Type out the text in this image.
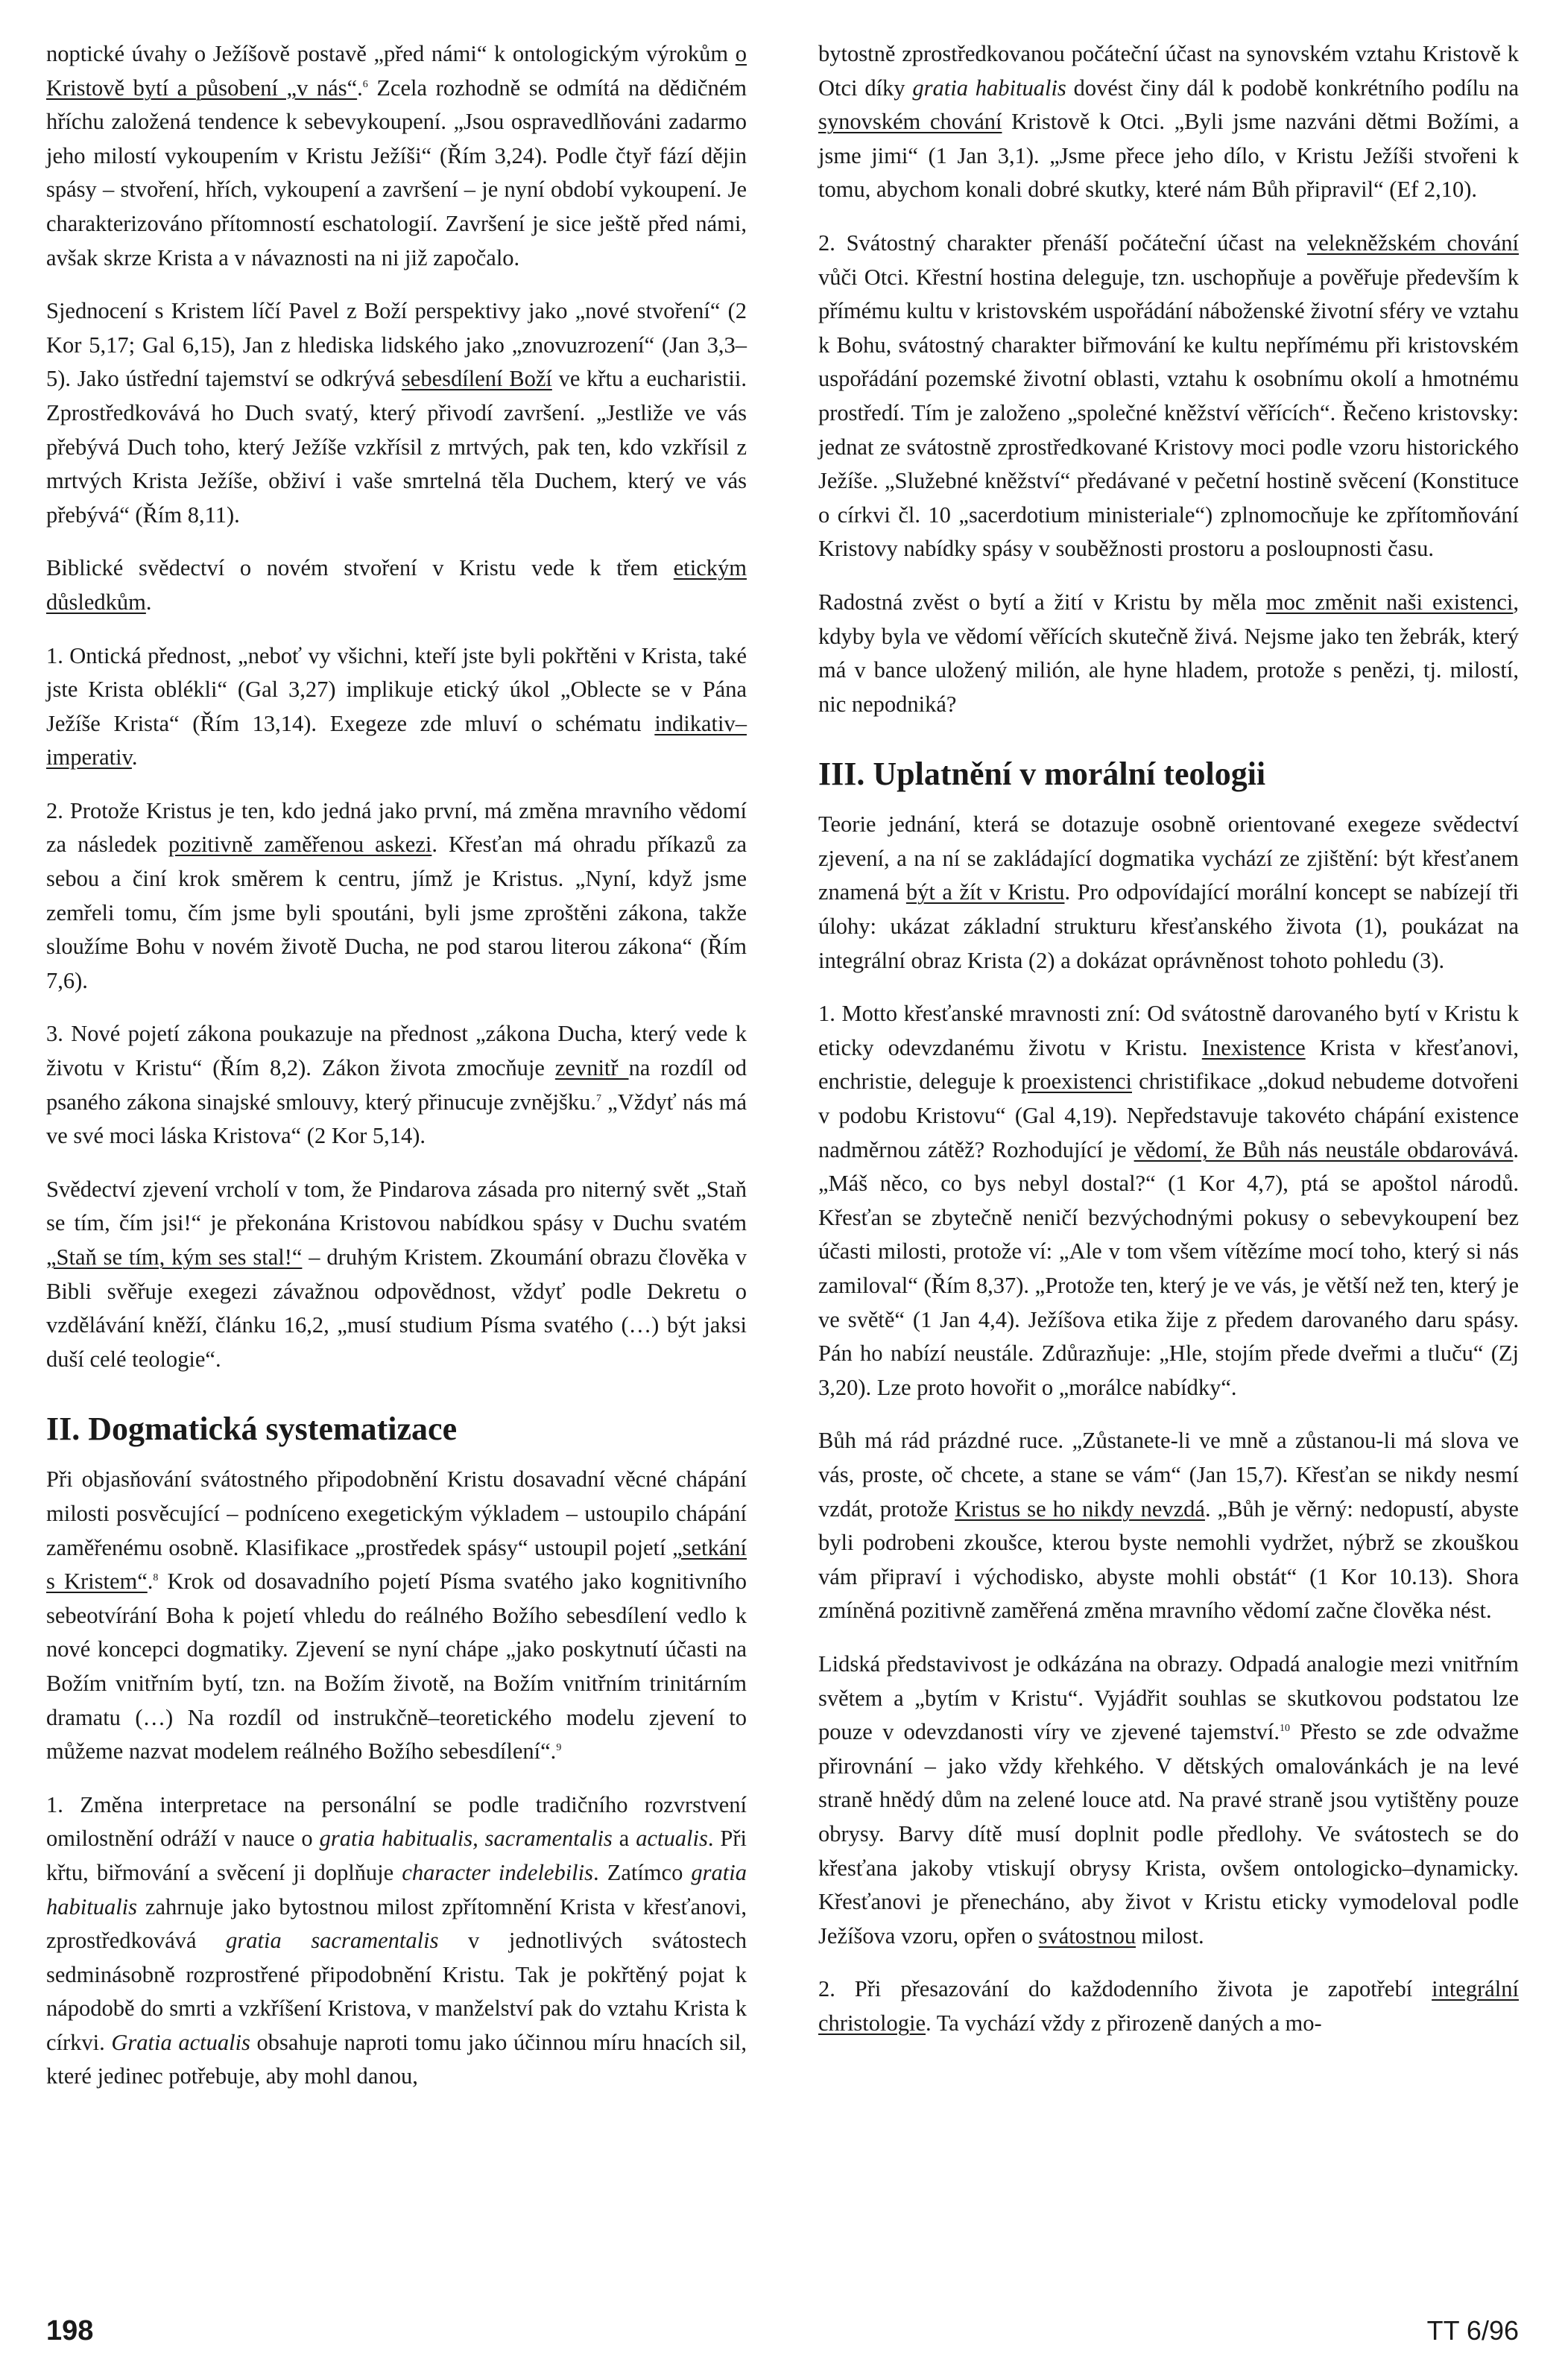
noptické úvahy o Ježíšově postavě „před námi“ k ontologickým výrokům o Kristově bytí a působení „v nás“.$^6$ Zcela rozhodně se odmítá na dědičném hříchu založená tendence k sebevykoupení. „Jsou ospravedlňováni zadarmo jeho milostí vykoupením v Kristu Ježíši“ (Řím 3,24). Podle čtyř fází dějin spásy – stvoření, hřích, vykoupení a završení – je nyní období vykoupení. Je charakterizováno přítomností eschatologií. Završení je sice ještě před námi, avšak skrze Krista a v návaznosti na ni již započalo.

Sjednocení s Kristem líčí Pavel z Boží perspektivy jako „nové stvoření“ (2 Kor 5,17; Gal 6,15), Jan z hlediska lidského jako „znovuzrození“ (Jan 3,3–5). Jako ústřední tajemství se odkrývá sebesdílení Boží ve křtu a eucharistii. Zprostředkovává ho Duch svatý, který přivodí završení. „Jestliže ve vás přebývá Duch toho, který Ježíše vzkřísil z mrtvých, pak ten, kdo vzkřísil z mrtvých Krista Ježíše, obživí i vaše smrtelná těla Duchem, který ve vás přebývá“ (Řím 8,11).

Biblické svědectví o novém stvoření v Kristu vede k třem etickým důsledkům.

1. Ontická přednost, „neboť vy všichni, kteří jste byli pokřtěni v Krista, také jste Krista oblékli“ (Gal 3,27) implikuje etický úkol „Oblecte se v Pána Ježíše Krista“ (Řím 13,14). Exegeze zde mluví o schématu indikativ–imperativ.

2. Protože Kristus je ten, kdo jedná jako první, má změna mravního vědomí za následek pozitivně zaměřenou askezi. Křesťan má ohradu příkazů za sebou a činí krok směrem k centru, jímž je Kristus. „Nyní, když jsme zemřeli tomu, čím jsme byli spoutáni, byli jsme zproštěni zákona, takže sloužíme Bohu v novém životě Ducha, ne pod starou literou zákona“ (Řím 7,6).

3. Nové pojetí zákona poukazuje na přednost „zákona Ducha, který vede k životu v Kristu“ (Řím 8,2). Zákon života zmocňuje zevnitř na rozdíl od psaného zákona sinajské smlouvy, který přinucuje zvnějšku.$^7$ „Vždyť nás má ve své moci láska Kristova“ (2 Kor 5,14).

Svědectví zjevení vrcholí v tom, že Pindarova zásada pro niterný svět „Staň se tím, čím jsi!“ je překonána Kristovou nabídkou spásy v Duchu svatém „Staň se tím, kým ses stal!“ – druhým Kristem. Zkoumání obrazu člověka v Bibli svěřuje exegezi závažnou odpovědnost, vždyť podle Dekretu o vzdělávání kněží, článku 16,2, „musí studium Písma svatého (…) být jaksi duší celé teologie“.

II. Dogmatická systematizace

Při objasňování svátostného připodobnění Kristu dosavadní věcné chápání milosti posvěcující – podníceno exegetickým výkladem – ustoupilo chápání zaměřenému osobně. Klasifikace „prostředek spásy“ ustoupil pojetí „setkání s Kristem“.$^8$ Krok od dosavadního pojetí Písma svatého jako kognitivního sebeotvírání Boha k pojetí vhledu do reálného Božího sebesdílení vedlo k nové koncepci dogmatiky. Zjevení se nyní chápe „jako poskytnutí účasti na Božím vnitřním bytí, tzn. na Božím životě, na Božím vnitřním trinitárním dramatu (…) Na rozdíl od instrukčně–teoretického modelu zjevení to můžeme nazvat modelem reálného Božího sebesdílení“.$^9$

1. Změna interpretace na personální se podle tradičního rozvrstvení omilostnění odráží v nauce o gratia habitualis, sacramentalis a actualis. Při křtu, biřmování a svěcení ji doplňuje character indelebilis. Zatímco gratia habitualis zahrnuje jako bytostnou milost zpřítomnění Krista v křesťanovi, zprostředkovává gratia sacramentalis v jednotlivých svátostech sedminásobně rozprostřené připodobnění Kristu. Tak je pokřtěný pojat k nápodobě do smrti a vzkříšení Kristova, v manželství pak do vztahu Krista k církvi. Gratia actualis obsahuje naproti tomu jako účinnou míru hnacích sil, které jedinec potřebuje, aby mohl danou,

bytostně zprostředkovanou počáteční účast na synovském vztahu Kristově k Otci díky gratia habitualis dovést činy dál k podobě konkrétního podílu na synovském chování Kristově k Otci. „Byli jsme nazváni dětmi Božími, a jsme jimi“ (1 Jan 3,1). „Jsme přece jeho dílo, v Kristu Ježíši stvořeni k tomu, abychom konali dobré skutky, které nám Bůh připravil“ (Ef 2,10).

2. Svátostný charakter přenáší počáteční účast na velekněžském chování vůči Otci. Křestní hostina deleguje, tzn. uschopňuje a pověřuje především k přímému kultu v kristovském uspořádání náboženské životní sféry ve vztahu k Bohu, svátostný charakter biřmování ke kultu nepřímému při kristovském uspořádání pozemské životní oblasti, vztahu k osobnímu okolí a hmotnému prostředí. Tím je založeno „společné kněžství věřících“. Řečeno kristovsky: jednat ze svátostně zprostředkované Kristovy moci podle vzoru historického Ježíše. „Služebné kněžství“ předávané v pečetní hostině svěcení (Konstituce o církvi čl. 10 „sacerdotium ministeriale“) zplnomocňuje ke zpřítomňování Kristovy nabídky spásy v souběžnosti prostoru a posloupnosti času.

Radostná zvěst o bytí a žití v Kristu by měla moc změnit naši existenci, kdyby byla ve vědomí věřících skutečně živá. Nejsme jako ten žebrák, který má v bance uložený milión, ale hyne hladem, protože s penězi, tj. milostí, nic nepodniká?

III. Uplatnění v morální teologii

Teorie jednání, která se dotazuje osobně orientované exegeze svědectví zjevení, a na ní se zakládající dogmatika vychází ze zjištění: být křesťanem znamená být a žít v Kristu. Pro odpovídající morální koncept se nabízejí tři úlohy: ukázat základní strukturu křesťanského života (1), poukázat na integrální obraz Krista (2) a dokázat oprávněnost tohoto pohledu (3).

1. Motto křesťanské mravnosti zní: Od svátostně darovaného bytí v Kristu k eticky odevzdanému životu v Kristu. Inexistence Krista v křesťanovi, enchristie, deleguje k proexistenci christifikace „dokud nebudeme dotvořeni v podobu Kristovu“ (Gal 4,19). Nepředstavuje takovéto chápání existence nadměrnou zátěž? Rozhodující je vědomí, že Bůh nás neustále obdarovává. „Máš něco, co bys nebyl dostal?“ (1 Kor 4,7), ptá se apoštol národů. Křesťan se zbytečně neničí bezvýchodnými pokusy o sebevykoupení bez účasti milosti, protože ví: „Ale v tom všem vítězíme mocí toho, který si nás zamiloval“ (Řím 8,37). „Protože ten, který je ve vás, je větší než ten, který je ve světě“ (1 Jan 4,4). Ježíšova etika žije z předem darovaného daru spásy. Pán ho nabízí neustále. Zdůrazňuje: „Hle, stojím přede dveřmi a tluču“ (Zj 3,20). Lze proto hovořit o „morálce nabídky“.

Bůh má rád prázdné ruce. „Zůstanete-li ve mně a zůstanou-li má slova ve vás, proste, oč chcete, a stane se vám“ (Jan 15,7). Křesťan se nikdy nesmí vzdát, protože Kristus se ho nikdy nevzdá. „Bůh je věrný: nedopustí, abyste byli podrobeni zkoušce, kterou byste nemohli vydržet, nýbrž se zkouškou vám připraví i východisko, abyste mohli obstát“ (1 Kor 10.13). Shora zmíněná pozitivně zaměřená změna mravního vědomí začne člověka nést.

Lidská představivost je odkázána na obrazy. Odpadá analogie mezi vnitřním světem a „bytím v Kristu“. Vyjádřit souhlas se skutkovou podstatou lze pouze v odevzdanosti víry ve zjevené tajemství.$^{10}$ Přesto se zde odvažme přirovnání – jako vždy křehkého. V dětských omalovánkách je na levé straně hnědý dům na zelené louce atd. Na pravé straně jsou vytištěny pouze obrysy. Barvy dítě musí doplnit podle předlohy. Ve svátostech se do křesťana jakoby vtiskují obrysy Krista, ovšem ontologicko–dynamicky. Křesťanovi je přenecháno, aby život v Kristu eticky vymodeloval podle Ježíšova vzoru, opřen o svátostnou milost.

2. Při přesazování do každodenního života je zapotřebí integrální christologie. Ta vychází vždy z přirozeně daných a mo-

198	TT 6/96
